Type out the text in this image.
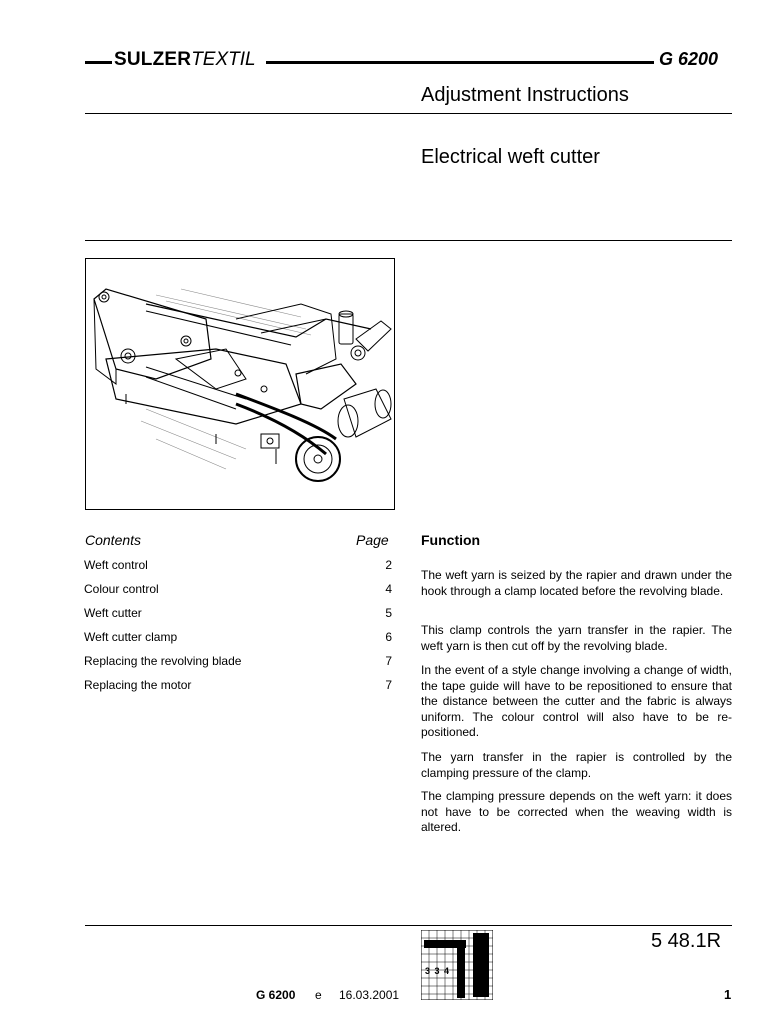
SULZERTEXTIL	G 6200
Adjustment Instructions
Electrical weft cutter
Contents	Page
Weft control	2
Colour control	4
Weft cutter	5
Weft cutter clamp	6
Replacing the revolving blade	7
Replacing the motor	7
Function
The weft yarn is seized by the rapier and drawn under the hook through a clamp located before the revolving blade.
This clamp controls the yarn transfer in the rapier. The weft yarn is then cut off by the revolving blade.
In the event of a style change involving a change of width, the tape guide will have to be repositioned to ensure that the distance between the cutter and the fabric is always uniform. The colour control will also have to be re-positioned.
The yarn transfer in the rapier is controlled by the clamping pressure of the clamp.
The clamping pressure depends on the weft yarn: it does not have to be corrected when the weaving width is altered.
5 48.1R
3 3 4
G 6200 e 16.03.2001	1
